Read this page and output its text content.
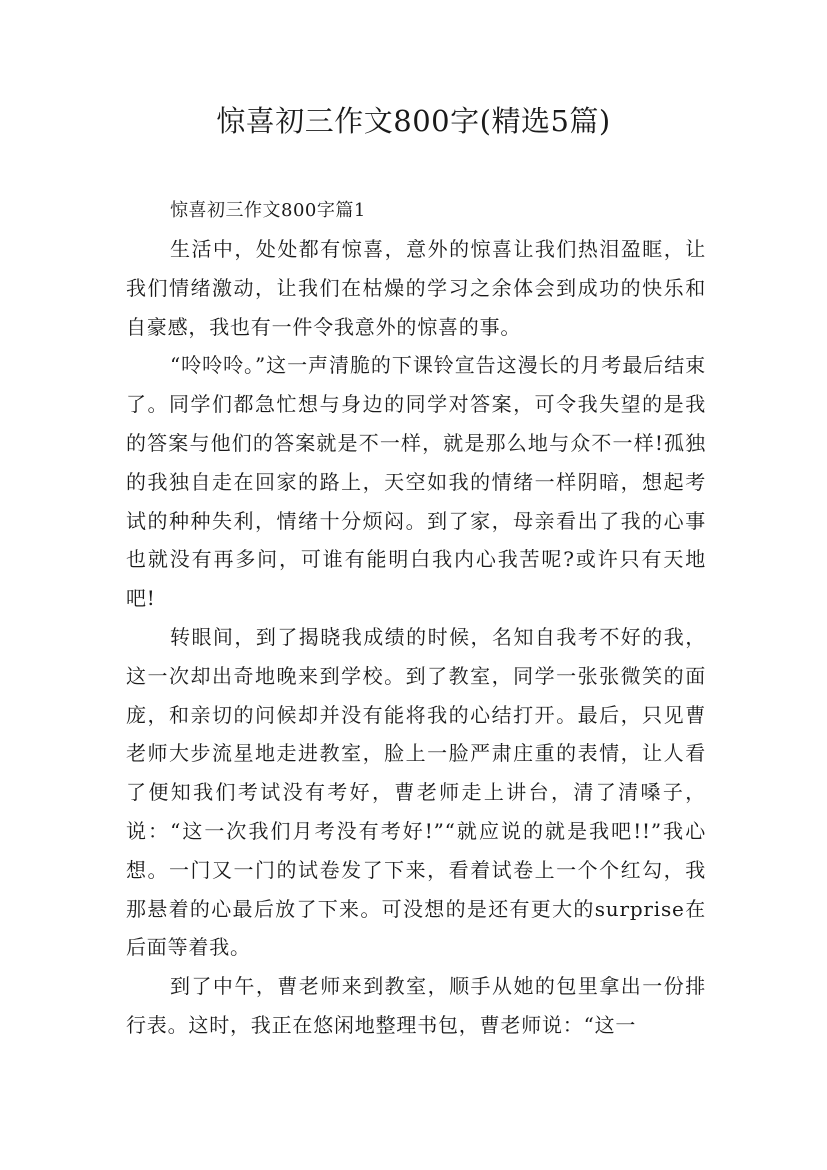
惊喜初三作文800字(精选5篇)
惊喜初三作文800字篇1

生活中，处处都有惊喜，意外的惊喜让我们热泪盈眶，让我们情绪激动，让我们在枯燥的学习之余体会到成功的快乐和自豪感，我也有一件令我意外的惊喜的事。

“呤呤呤。”这一声清脆的下课铃宣告这漫长的月考最后结束了。同学们都急忙想与身边的同学对答案，可令我失望的是我的答案与他们的答案就是不一样，就是那么地与众不一样!孤独的我独自走在回家的路上，天空如我的情绪一样阴暗，想起考试的种种失利，情绪十分烦闷。到了家，母亲看出了我的心事也就没有再多问，可谁有能明白我内心我苦呢?或许只有天地吧!

转眼间，到了揭晓我成绩的时候，名知自我考不好的我，这一次却出奇地晚来到学校。到了教室，同学一张张微笑的面庞，和亲切的问候却并没有能将我的心结打开。最后，只见曹老师大步流星地走进教室，脸上一脸严肃庄重的表情，让人看了便知我们考试没有考好，曹老师走上讲台，清了清嗓子，说：“这一次我们月考没有考好!”“就应说的就是我吧!!”我心想。一门又一门的试卷发了下来，看着试卷上一个个红勾，我那悬着的心最后放了下来。可没想的是还有更大的surprise在后面等着我。

到了中午，曹老师来到教室，顺手从她的包里拿出一份排行表。这时，我正在悠闲地整理书包，曹老师说：“这一
